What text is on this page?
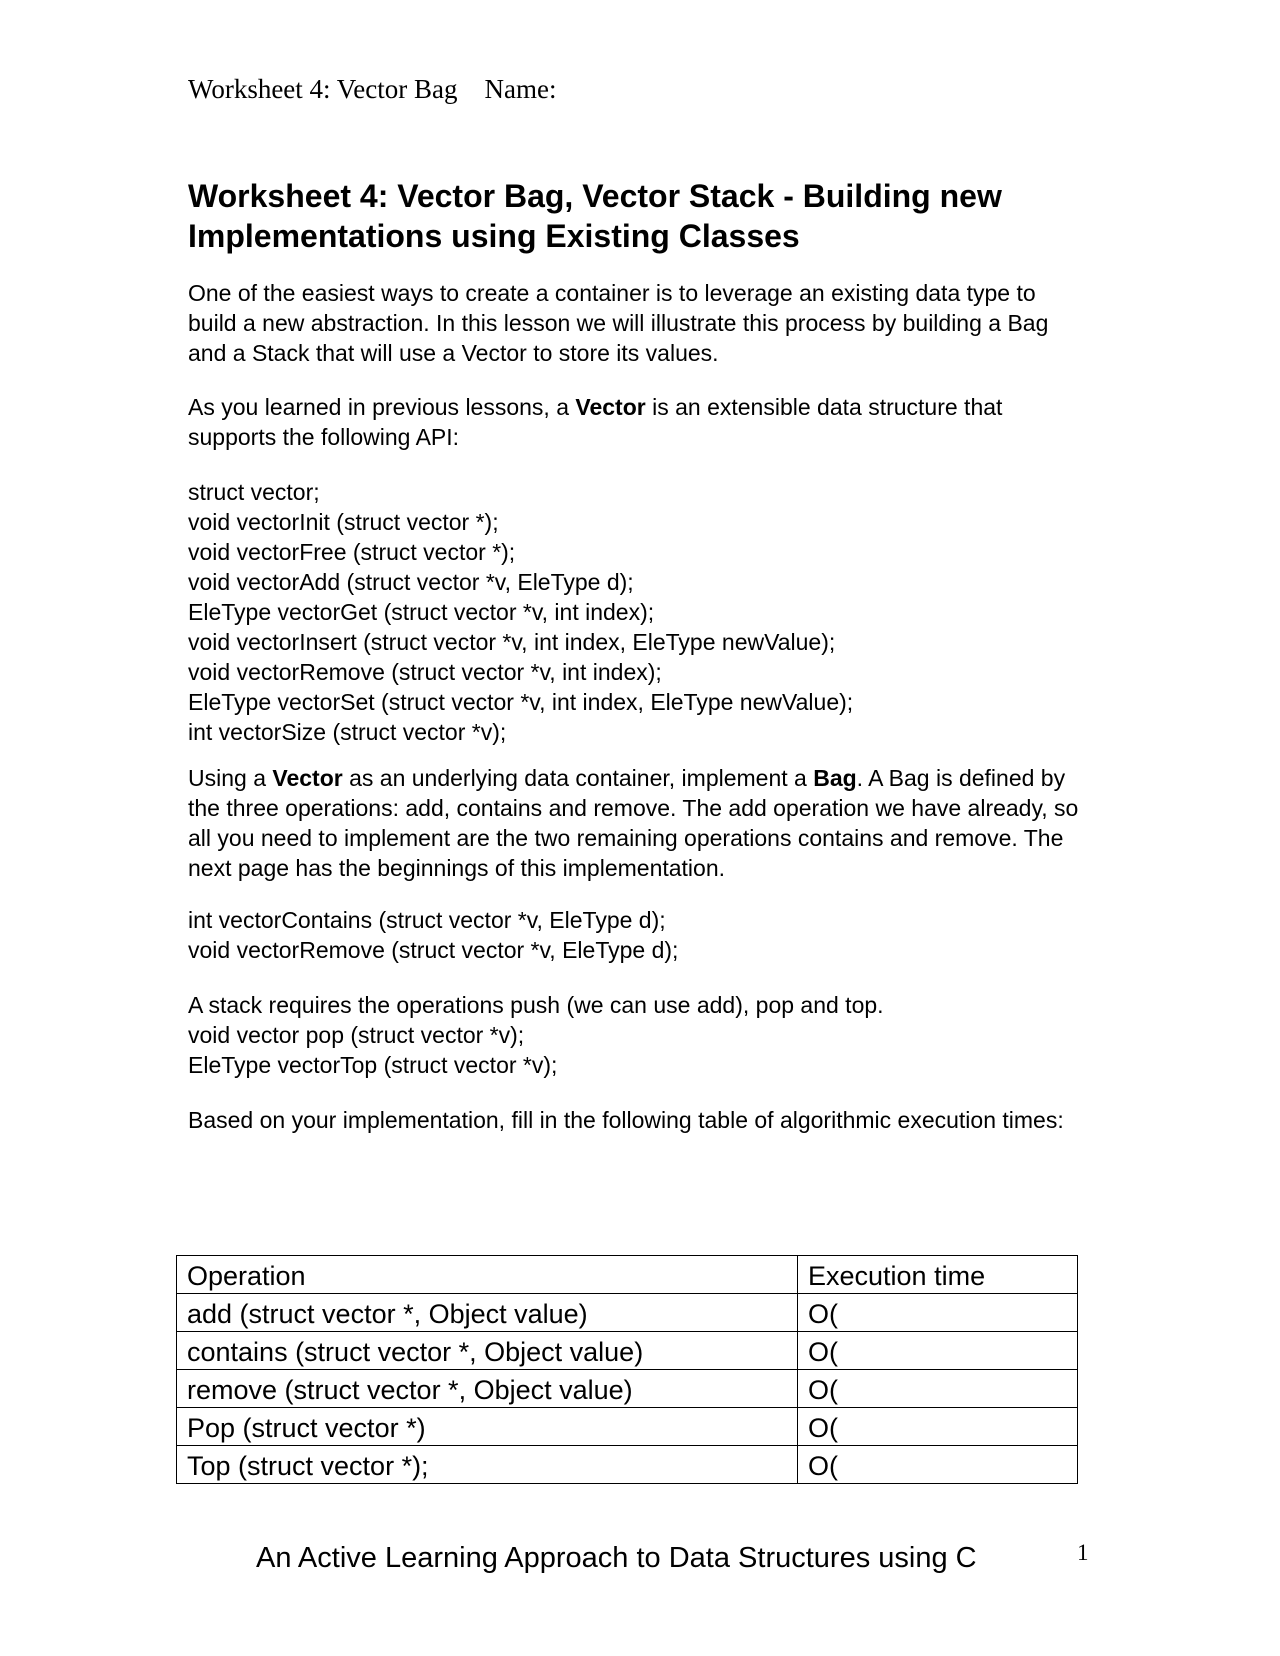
Worksheet 4: Vector Bag    Name:
Worksheet 4: Vector Bag, Vector Stack - Building new
Implementations using Existing Classes

One of the easiest ways to create a container is to leverage an existing data type to build a new abstraction. In this lesson we will illustrate this process by building a Bag and a Stack that will use a Vector to store its values.

As you learned in previous lessons, a Vector is an extensible data structure that supports the following API:

struct vector;
void vectorInit (struct vector *);
void vectorFree (struct vector *);
void vectorAdd (struct vector *v, EleType d);
EleType vectorGet (struct vector *v, int index);
void vectorInsert (struct vector *v, int index, EleType newValue);
void vectorRemove (struct vector *v, int index);
EleType vectorSet (struct vector *v, int index, EleType newValue);
int vectorSize (struct vector *v);

Using a Vector as an underlying data container, implement a Bag. A Bag is defined by the three operations: add, contains and remove. The add operation we have already, so all you need to implement are the two remaining operations contains and remove. The next page has the beginnings of this implementation.

int vectorContains (struct vector *v, EleType d);
void vectorRemove (struct vector *v, EleType d);

A stack requires the operations push (we can use add), pop and top.

void vector pop (struct vector *v);
EleType vectorTop (struct vector *v);

Based on your implementation, fill in the following table of algorithmic execution times:

Operation	Execution time
add (struct vector *, Object value)	O(
contains (struct vector *, Object value)	O(
remove (struct vector *, Object value)	O(
Pop (struct vector *)	O(
Top (struct vector *);	O(
An Active Learning Approach to Data Structures using C	1
